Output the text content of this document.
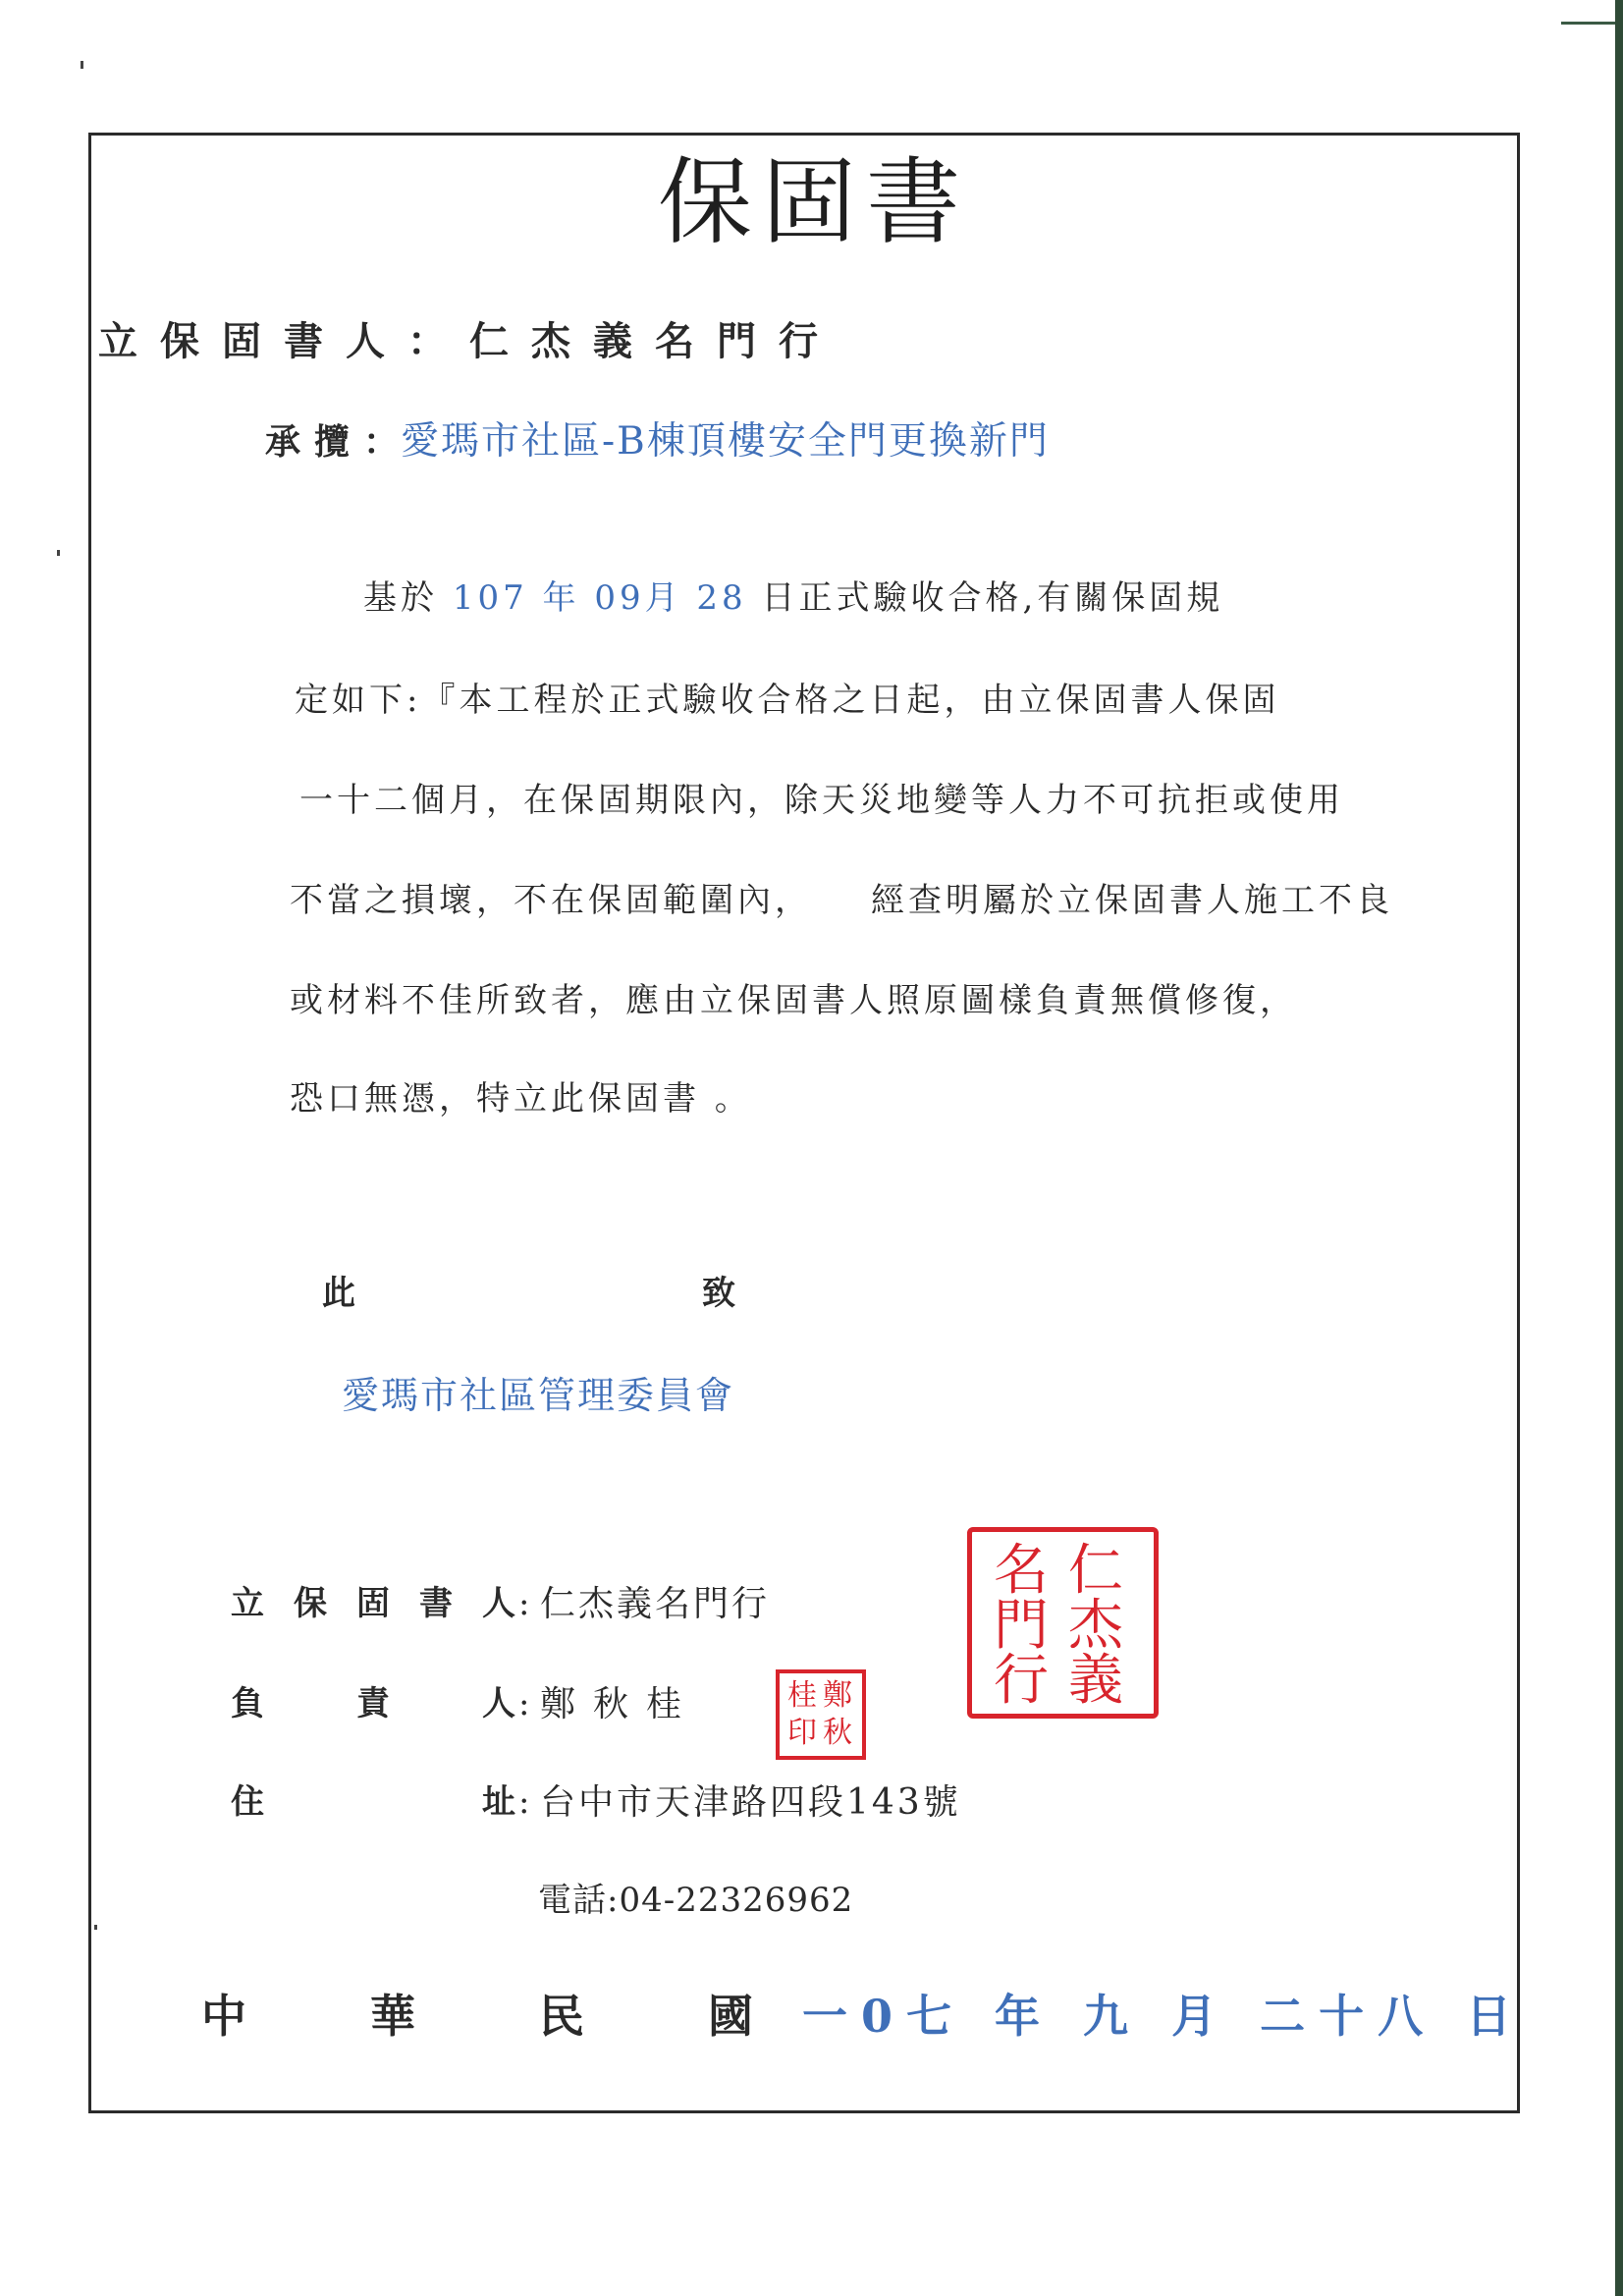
保固書
立保固書人：仁杰義名門行
承攬：
愛瑪市社區-B棟頂樓安全門更換新門
基於 107 年 09月 28 日正式驗收合格,有關保固規
定如下:『本工程於正式驗收合格之日起，由立保固書人保固
一十二個月，在保固期限內，除天災地變等人力不可抗拒或使用
不當之損壞，不在保固範圍內， 經查明屬於立保固書人施工不良
或材料不佳所致者，應由立保固書人照原圖樣負責無償修復，
恐口無憑，特立此保固書 。
此	致
愛瑪市社區管理委員會
立 保 固 書 人 : 仁杰義名門行
負	責	人 : 鄭秋桂
住	址 : 台中市天津路四段143號
電話:04-22326962
仁
杰
義
名
門
行
鄭
秋
桂
印
中	華	民	國 一0七 年 九 月 二十八 日
